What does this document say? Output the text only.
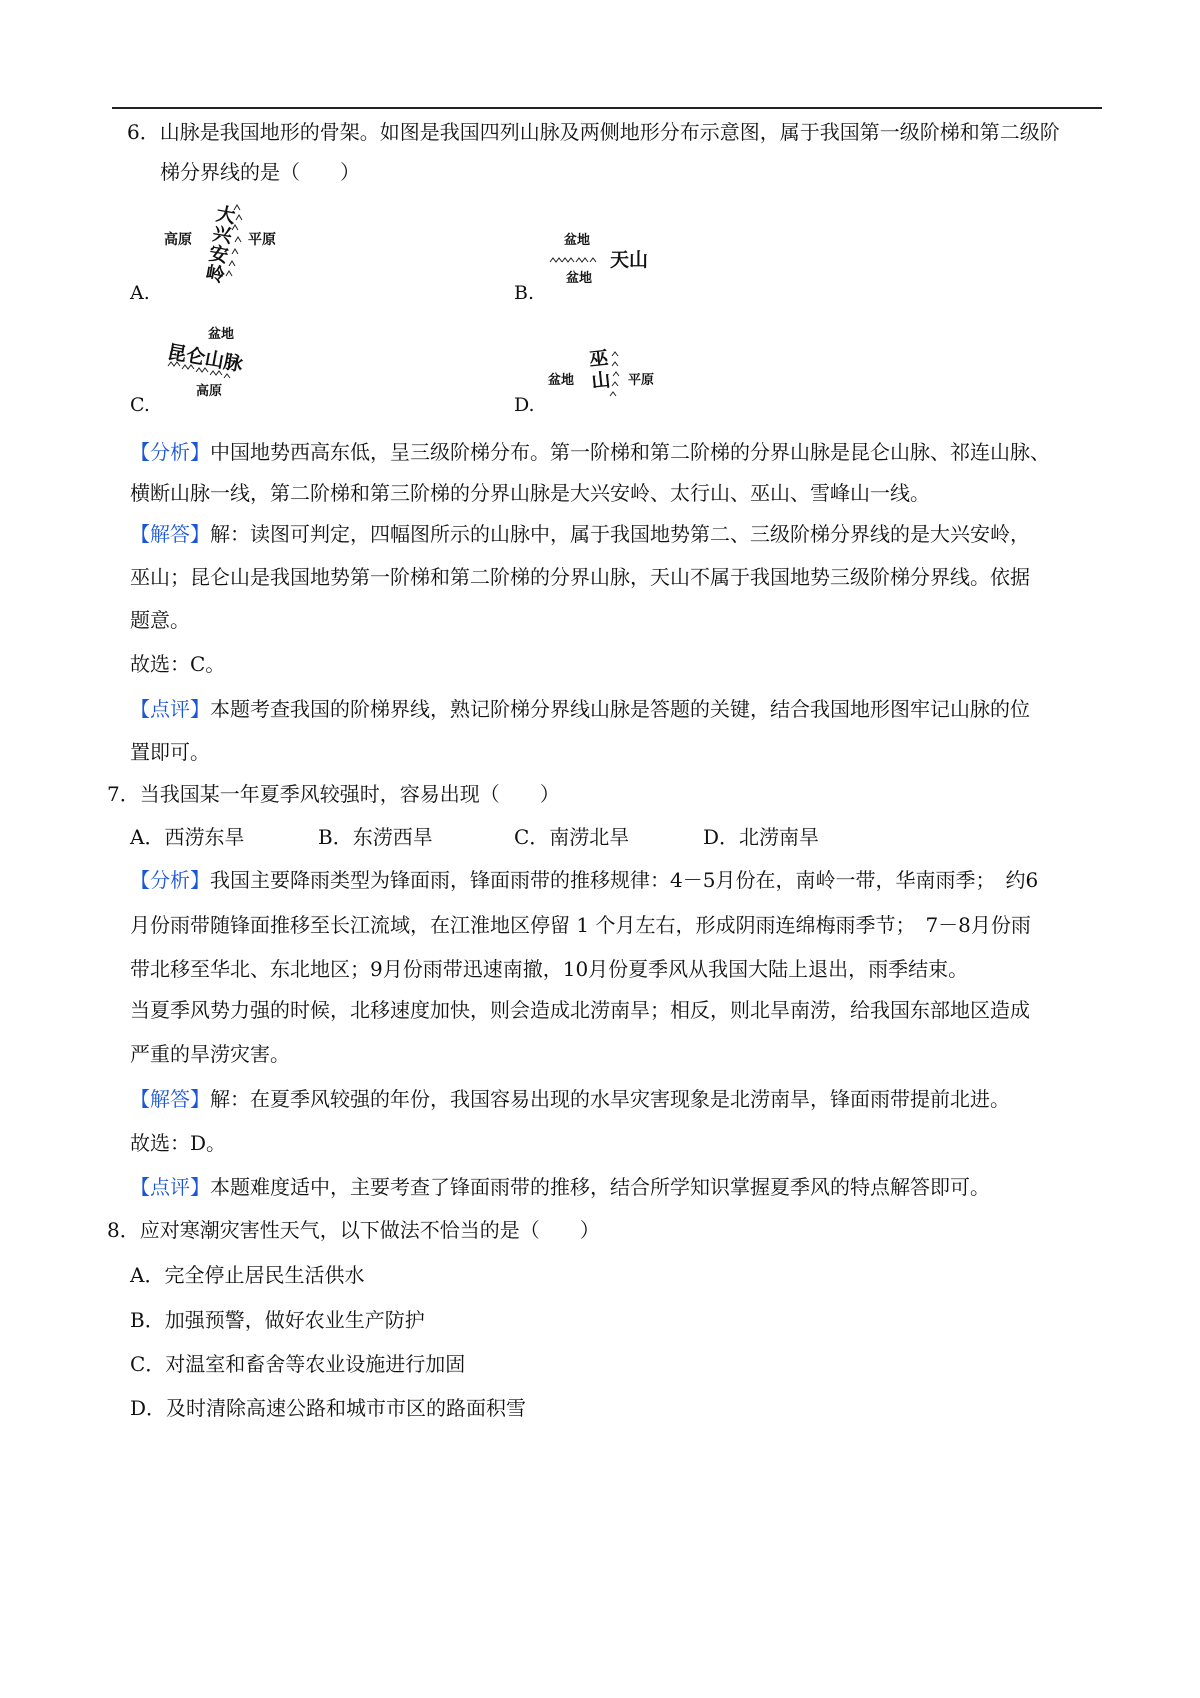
6．山脉是我国地形的骨架。如图是我国四列山脉及两侧地形分布示意图，属于我国第一级阶梯和第二级阶
梯分界线的是（　　）
高原
大
兴
安
岭
平原
A.
盆地
天山
盆地
B.
盆地
昆仑山脉
高原
C.
盆地
巫
山 平原
D.
【分析】中国地势西高东低，呈三级阶梯分布。第一阶梯和第二阶梯的分界山脉是昆仑山脉、祁连山脉、
横断山脉一线，第二阶梯和第三阶梯的分界山脉是大兴安岭、太行山、巫山、雪峰山一线。
【解答】解：读图可判定，四幅图所示的山脉中，属于我国地势第二、三级阶梯分界线的是大兴安岭，
巫山；昆仑山是我国地势第一阶梯和第二阶梯的分界山脉，天山不属于我国地势三级阶梯分界线。依据
题意。
故选：C。
【点评】本题考查我国的阶梯界线，熟记阶梯分界线山脉是答题的关键，结合我国地形图牢记山脉的位
置即可。
7．当我国某一年夏季风较强时，容易出现（　　）
A．西涝东旱	B．东涝西旱	C．南涝北旱	D．北涝南旱
【分析】我国主要降雨类型为锋面雨，锋面雨带的推移规律：4－5月份在，南岭一带，华南雨季；　约6
月份雨带随锋面推移至长江流域，在江淮地区停留 1 个月左右，形成阴雨连绵梅雨季节；　7－8月份雨
带北移至华北、东北地区；9月份雨带迅速南撤，10月份夏季风从我国大陆上退出，雨季结束。
当夏季风势力强的时候，北移速度加快，则会造成北涝南旱；相反，则北旱南涝，给我国东部地区造成
严重的旱涝灾害。
【解答】解：在夏季风较强的年份，我国容易出现的水旱灾害现象是北涝南旱，锋面雨带提前北进。
故选：D。
【点评】本题难度适中，主要考查了锋面雨带的推移，结合所学知识掌握夏季风的特点解答即可。
8．应对寒潮灾害性天气，以下做法不恰当的是（　　）
A．完全停止居民生活供水
B．加强预警，做好农业生产防护
C．对温室和畜舍等农业设施进行加固
D．及时清除高速公路和城市市区的路面积雪
